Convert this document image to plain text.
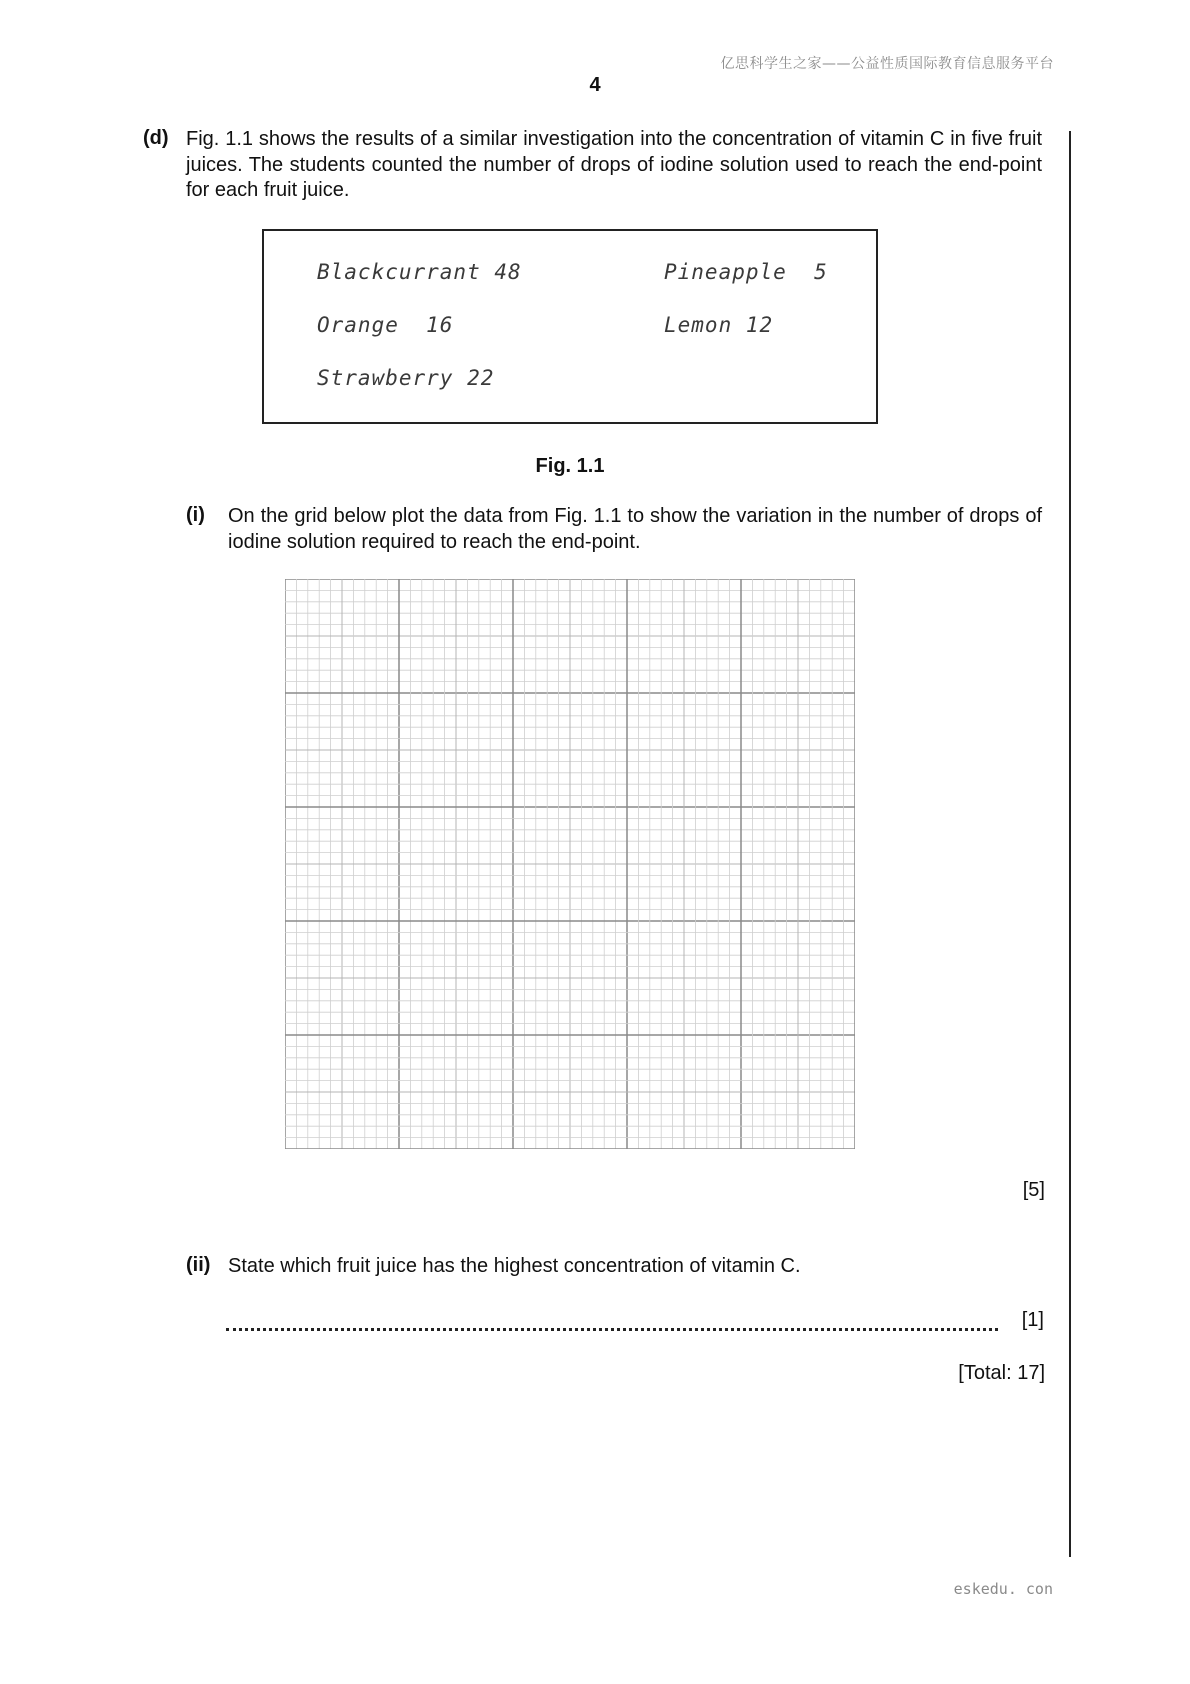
亿思科学生之家——公益性质国际教育信息服务平台
4
(d) Fig. 1.1 shows the results of a similar investigation into the concentration of vitamin C in five fruit juices. The students counted the number of drops of iodine solution used to reach the end-point for each fruit juice.
Blackcurrant 48
Orange 16
Strawberry 22
Pineapple 5
Lemon 12
Fig. 1.1
(i) On the grid below plot the data from Fig. 1.1 to show the variation in the number of drops of iodine solution required to reach the end-point.
[5]
(ii) State which fruit juice has the highest concentration of vitamin C.
[1]
[Total: 17]
eskedu. con
